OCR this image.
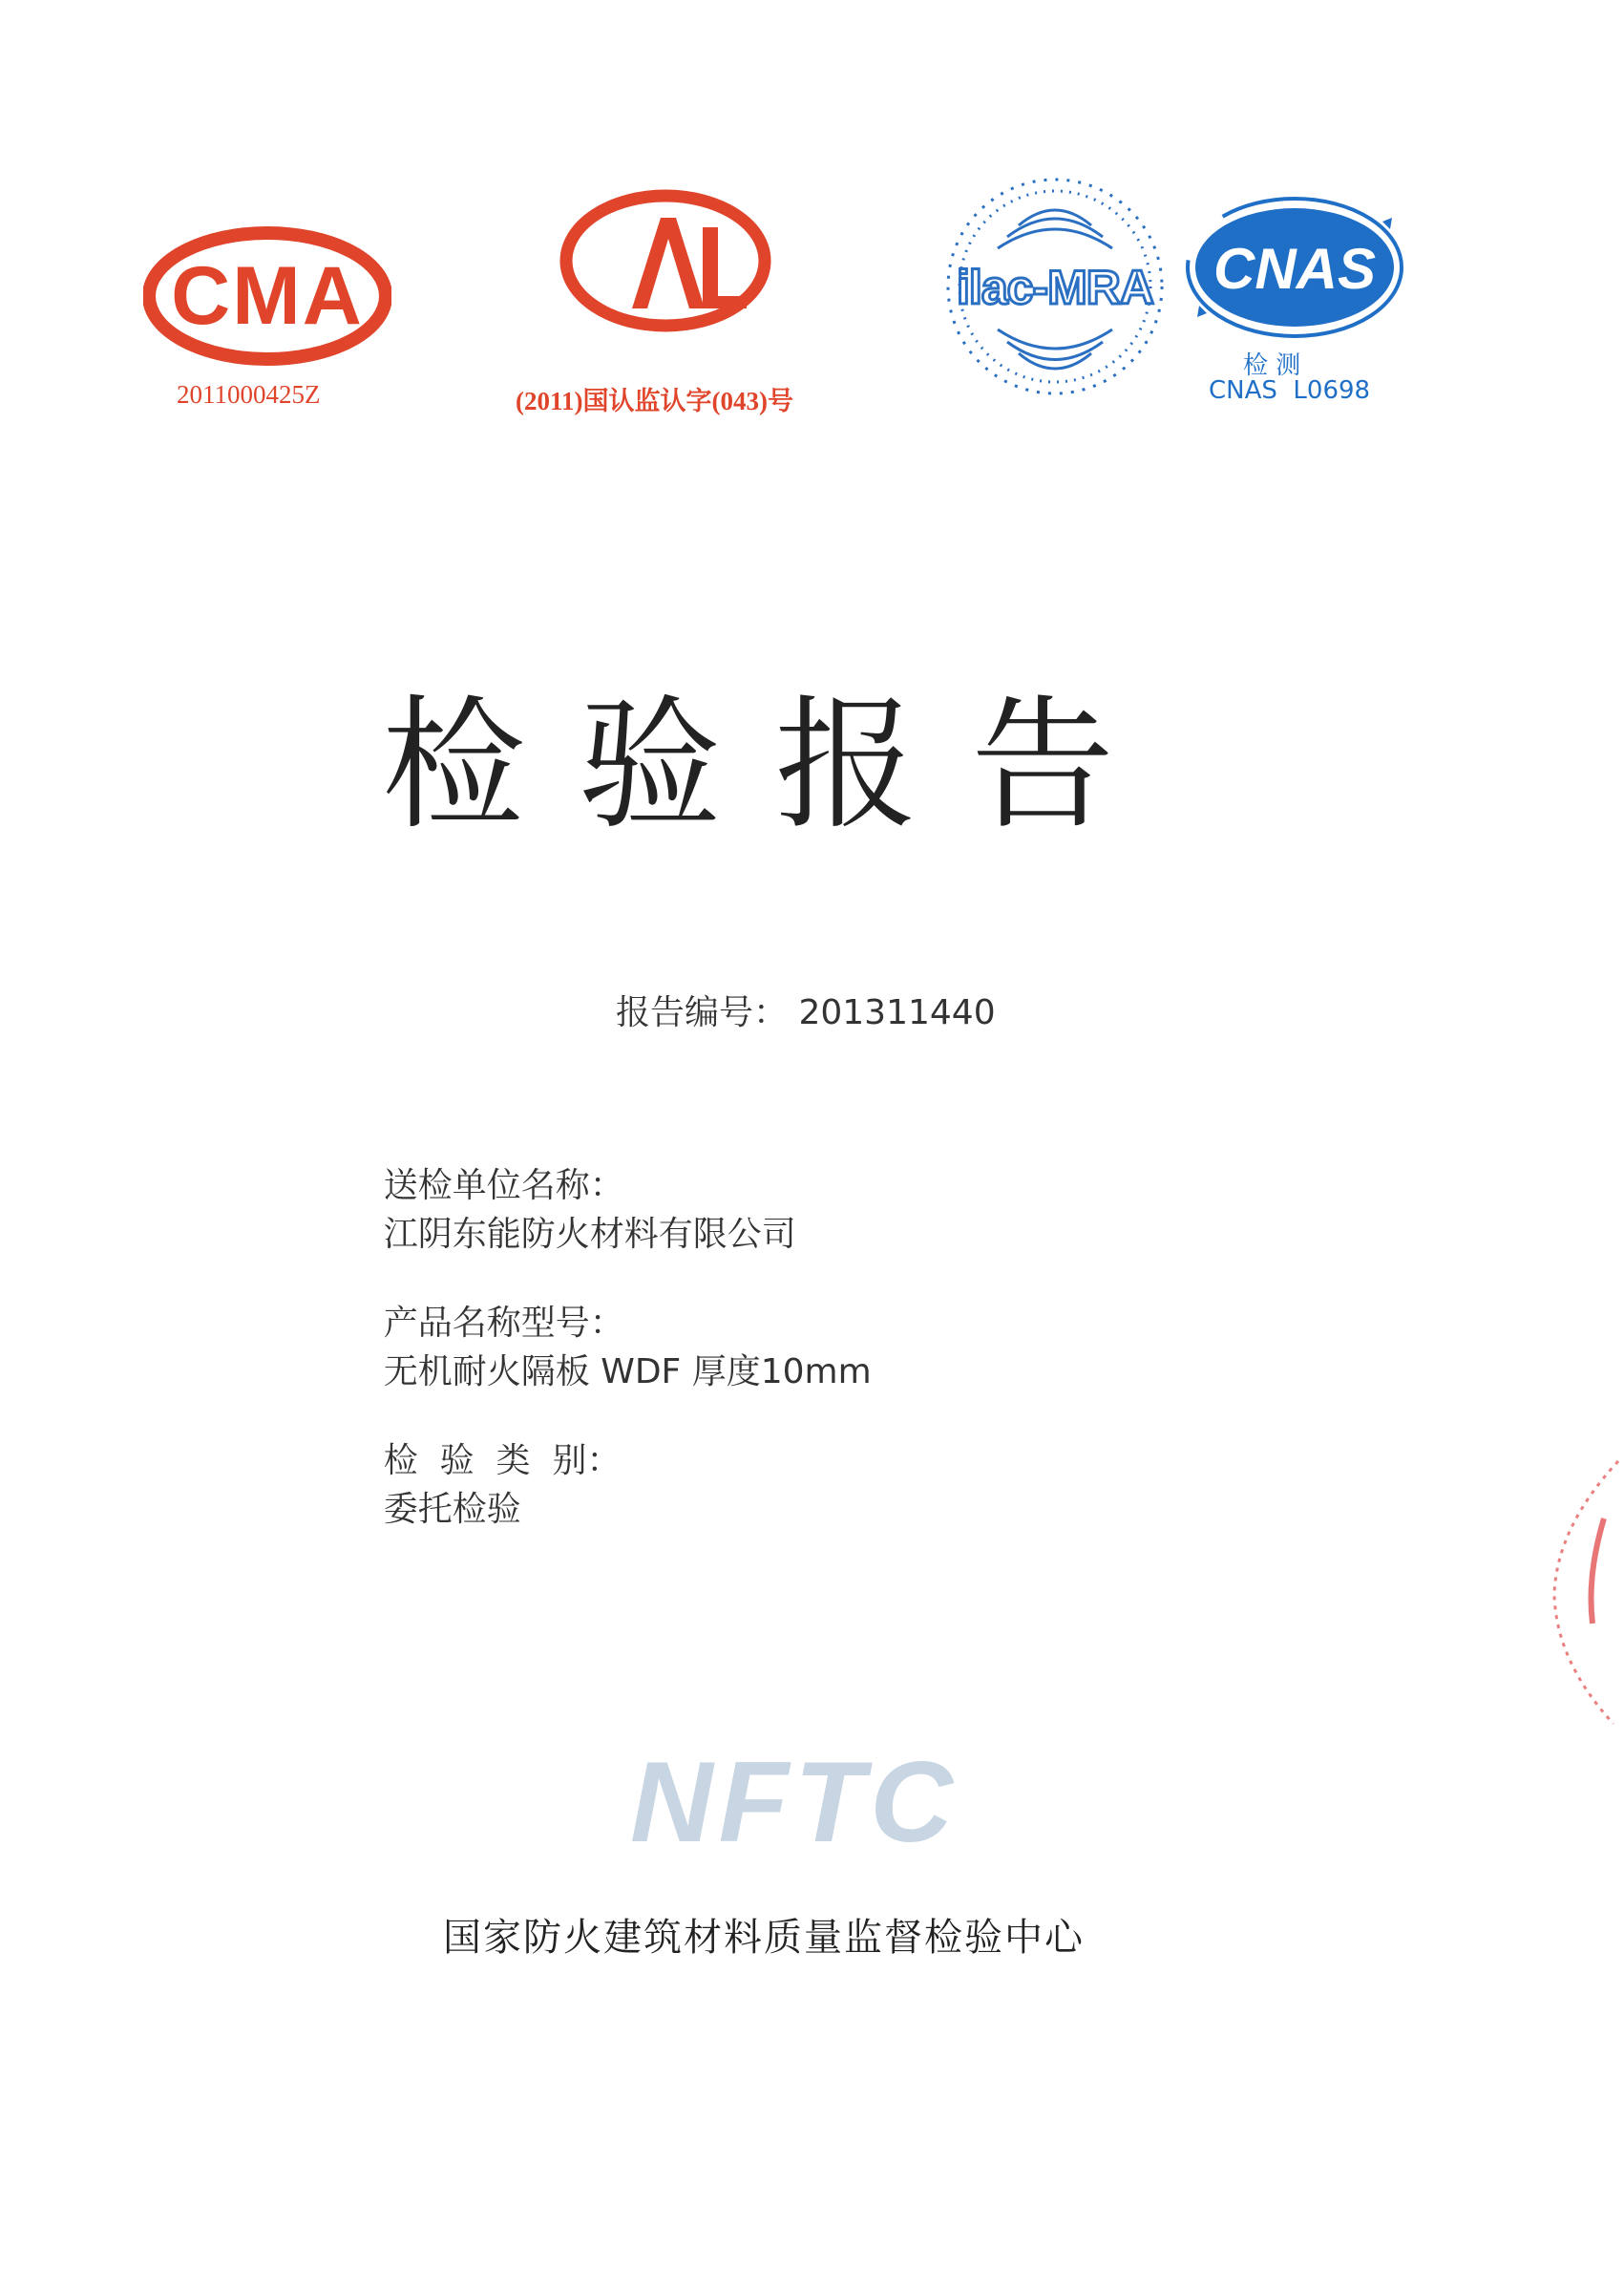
CMA
2011000425Z	(2011)国认监认字(043)号
ilac-MRA CNAS
检 测
CNAS  L0698
检 验 报 告
报告编号： 201311440

送检单位名称：
江阴东能防火材料有限公司

产品名称型号：
无机耐火隔板 WDF 厚度10mm

检  验  类  别：
委托检验

NFTC
国家防火建筑材料质量监督检验中心
